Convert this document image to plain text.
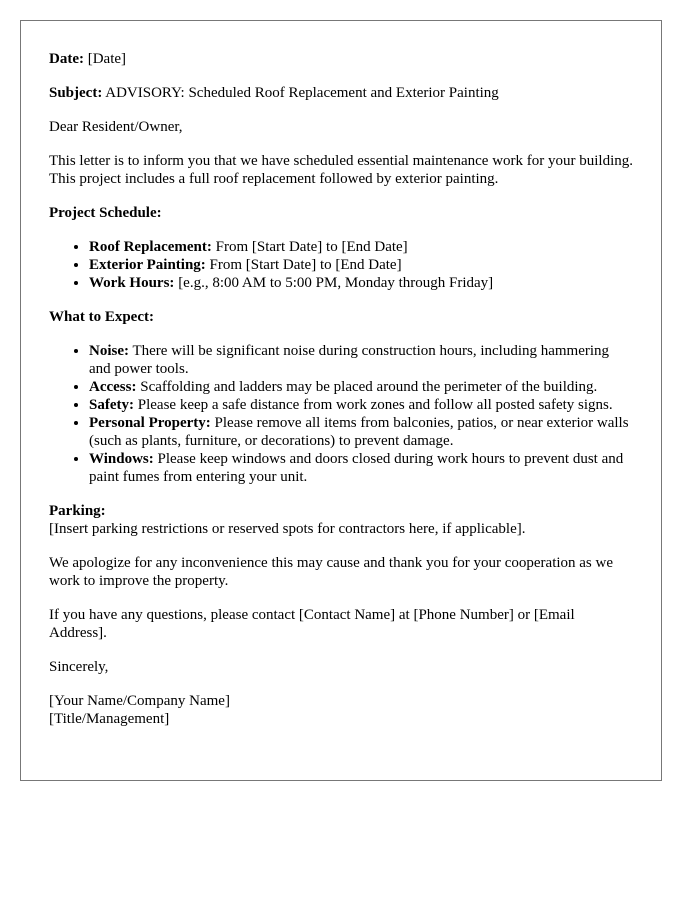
Date: [Date]

Subject: ADVISORY: Scheduled Roof Replacement and Exterior Painting

Dear Resident/Owner,

This letter is to inform you that we have scheduled essential maintenance work for your building. This project includes a full roof replacement followed by exterior painting.

Project Schedule:

• Roof Replacement: From [Start Date] to [End Date]
• Exterior Painting: From [Start Date] to [End Date]
• Work Hours: [e.g., 8:00 AM to 5:00 PM, Monday through Friday]

What to Expect:

• Noise: There will be significant noise during construction hours, including hammering and power tools.
• Access: Scaffolding and ladders may be placed around the perimeter of the building.
• Safety: Please keep a safe distance from work zones and follow all posted safety signs.
• Personal Property: Please remove all items from balconies, patios, or near exterior walls (such as plants, furniture, or decorations) to prevent damage.
• Windows: Please keep windows and doors closed during work hours to prevent dust and paint fumes from entering your unit.

Parking:
[Insert parking restrictions or reserved spots for contractors here, if applicable].

We apologize for any inconvenience this may cause and thank you for your cooperation as we work to improve the property.

If you have any questions, please contact [Contact Name] at [Phone Number] or [Email Address].

Sincerely,

[Your Name/Company Name]
[Title/Management]
